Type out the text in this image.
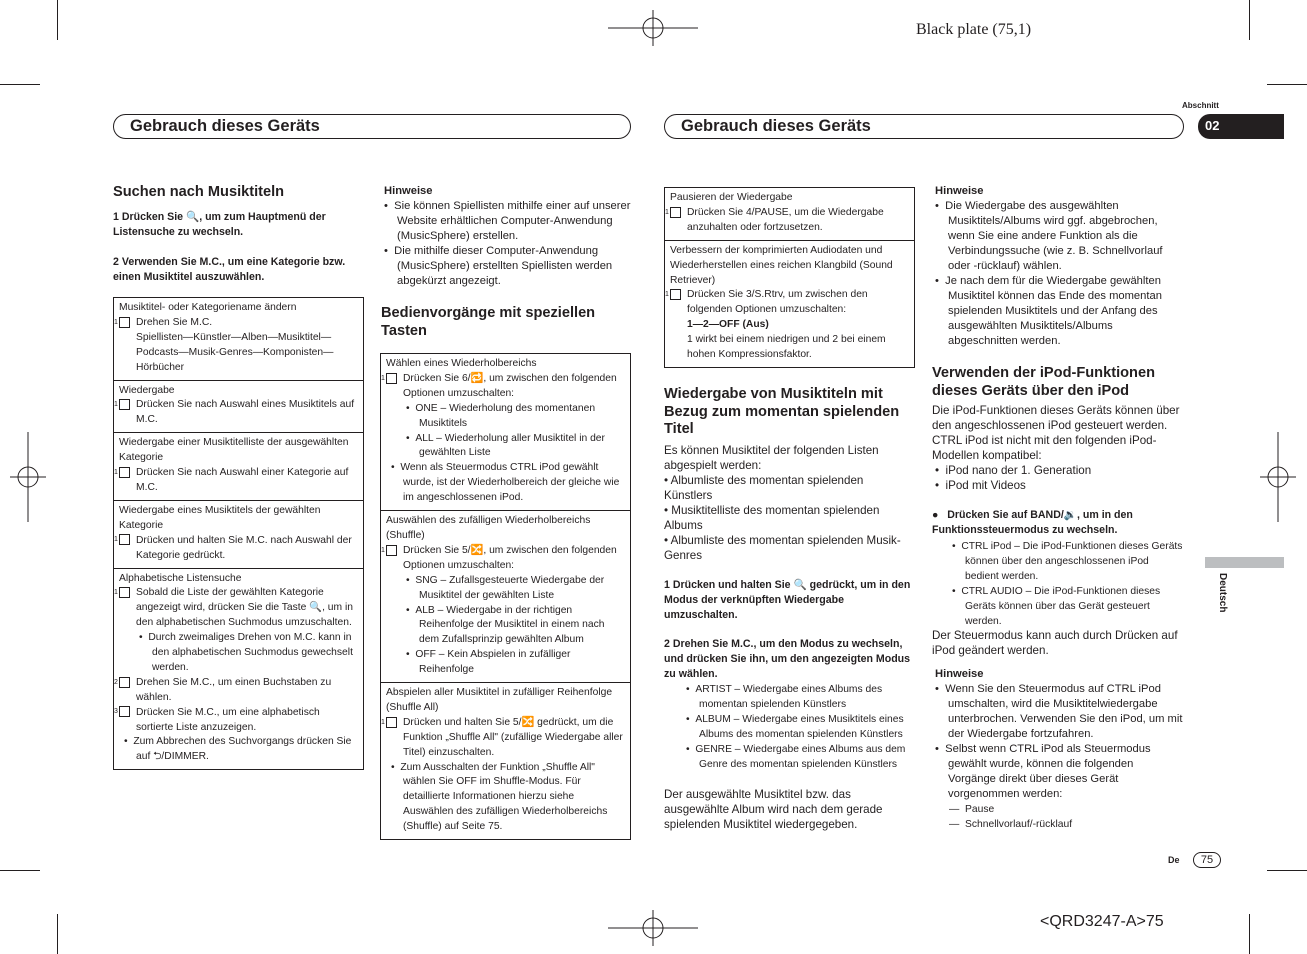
Black plate (75,1)
<QRD3247-A>75
Abschnitt
02
Deutsch
Gebrauch dieses Geräts	Gebrauch dieses Geräts
Suchen nach Musiktiteln
1 Drücken Sie 🔍, um zum Hauptmenü der Listensuche zu wechseln.
2 Verwenden Sie M.C., um eine Kategorie bzw. einen Musiktitel auszuwählen.
Musiktitel- oder Kategoriename ändern
1 Drehen Sie M.C.
Spiellisten—Künstler—Alben—Musiktitel—Podcasts—Musik-Genres—Komponisten—Hörbücher
Wiedergabe
1 Drücken Sie nach Auswahl eines Musiktitels auf M.C.
Wiedergabe einer Musiktitelliste der ausgewählten Kategorie
1 Drücken Sie nach Auswahl einer Kategorie auf M.C.
Wiedergabe eines Musiktitels der gewählten Kategorie
1 Drücken und halten Sie M.C. nach Auswahl der Kategorie gedrückt.
Alphabetische Listensuche
1 Sobald die Liste der gewählten Kategorie angezeigt wird, drücken Sie die Taste 🔍, um in den alphabetischen Suchmodus umzuschalten.
•  Durch zweimaliges Drehen von M.C. kann in den alphabetischen Suchmodus gewechselt werden.
2 Drehen Sie M.C., um einen Buchstaben zu wählen.
3 Drücken Sie M.C., um eine alphabetisch sortierte Liste anzuzeigen.
•  Zum Abbrechen des Suchvorgangs drücken Sie auf ⮌/DIMMER.
Hinweise
•  Sie können Spiellisten mithilfe einer auf unserer Website erhältlichen Computer-Anwendung (MusicSphere) erstellen.
•  Die mithilfe dieser Computer-Anwendung (MusicSphere) erstellten Spiellisten werden abgekürzt angezeigt.
Bedienvorgänge mit speziellen Tasten
Wählen eines Wiederholbereichs
1 Drücken Sie 6/🔁, um zwischen den folgenden Optionen umzuschalten:
•  ONE – Wiederholung des momentanen Musiktitels
•  ALL – Wiederholung aller Musiktitel in der gewählten Liste
•  Wenn als Steuermodus CTRL iPod gewählt wurde, ist der Wiederholbereich der gleiche wie im angeschlossenen iPod.
Auswählen des zufälligen Wiederholbereichs (Shuffle)
1 Drücken Sie 5/🔀, um zwischen den folgenden Optionen umzuschalten:
•  SNG – Zufallsgesteuerte Wiedergabe der Musiktitel der gewählten Liste
•  ALB – Wiedergabe in der richtigen Reihenfolge der Musiktitel in einem nach dem Zufallsprinzip gewählten Album
•  OFF – Kein Abspielen in zufälliger Reihenfolge
Abspielen aller Musiktitel in zufälliger Reihenfolge (Shuffle All)
1 Drücken und halten Sie 5/🔀 gedrückt, um die Funktion „Shuffle All" (zufällige Wiedergabe aller Titel) einzuschalten.
•  Zum Ausschalten der Funktion „Shuffle All" wählen Sie OFF im Shuffle-Modus. Für detaillierte Informationen hierzu siehe Auswählen des zufälligen Wiederholbereichs (Shuffle) auf Seite 75.
Pausieren der Wiedergabe
1 Drücken Sie 4/PAUSE, um die Wiedergabe anzuhalten oder fortzusetzen.
Verbessern der komprimierten Audiodaten und Wiederherstellen eines reichen Klangbild (Sound Retriever)
1 Drücken Sie 3/S.Rtrv, um zwischen den folgenden Optionen umzuschalten:
1—2—OFF (Aus)
1 wirkt bei einem niedrigen und 2 bei einem hohen Kompressionsfaktor.
Wiedergabe von Musiktiteln mit Bezug zum momentan spielenden Titel
Es können Musiktitel der folgenden Listen abgespielt werden:
• Albumliste des momentan spielenden Künstlers
• Musiktitelliste des momentan spielenden Albums
• Albumliste des momentan spielenden Musik-Genres
1 Drücken und halten Sie 🔍 gedrückt, um in den Modus der verknüpften Wiedergabe umzuschalten.
2 Drehen Sie M.C., um den Modus zu wechseln, und drücken Sie ihn, um den angezeigten Modus zu wählen.
•  ARTIST – Wiedergabe eines Albums des momentan spielenden Künstlers
•  ALBUM – Wiedergabe eines Musiktitels eines Albums des momentan spielenden Künstlers
•  GENRE – Wiedergabe eines Albums aus dem Genre des momentan spielenden Künstlers
Der ausgewählte Musiktitel bzw. das ausgewählte Album wird nach dem gerade spielenden Musiktitel wiedergegeben.
Hinweise
•  Die Wiedergabe des ausgewählten Musiktitels/Albums wird ggf. abgebrochen, wenn Sie eine andere Funktion als die Verbindungssuche (wie z. B. Schnellvorlauf oder -rücklauf) wählen.
•  Je nach dem für die Wiedergabe gewählten Musiktitel können das Ende des momentan spielenden Musiktitels und der Anfang des ausgewählten Musiktitels/Albums abgeschnitten werden.
Verwenden der iPod-Funktionen dieses Geräts über den iPod
Die iPod-Funktionen dieses Geräts können über den angeschlossenen iPod gesteuert werden. CTRL iPod ist nicht mit den folgenden iPod-Modellen kompatibel:
•  iPod nano der 1. Generation
•  iPod mit Videos
●   Drücken Sie auf BAND/🔉, um in den Funktionssteuermodus zu wechseln.
•  CTRL iPod – Die iPod-Funktionen dieses Geräts können über den angeschlossenen iPod bedient werden.
•  CTRL AUDIO – Die iPod-Funktionen dieses Geräts können über das Gerät gesteuert werden.
Der Steuermodus kann auch durch Drücken auf iPod geändert werden.
Hinweise
•  Wenn Sie den Steuermodus auf CTRL iPod umschalten, wird die Musiktitelwiedergabe unterbrochen. Verwenden Sie den iPod, um mit der Wiedergabe fortzufahren.
•  Selbst wenn CTRL iPod als Steuermodus gewählt wurde, können die folgenden Vorgänge direkt über dieses Gerät vorgenommen werden:
—  Pause
—  Schnellvorlauf/-rücklauf
De	75
